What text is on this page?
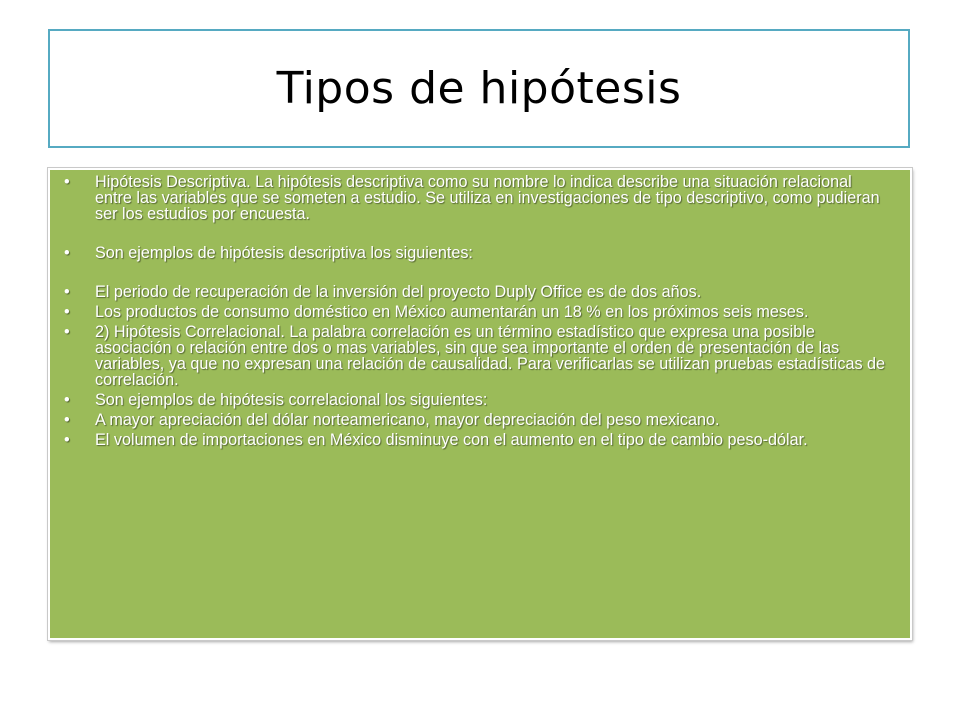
Tipos de hipótesis
• Hipótesis Descriptiva. La hipótesis descriptiva como su nombre lo indica describe una situación relacional entre las variables que se someten a estudio. Se utiliza en investigaciones de tipo descriptivo, como pudieran ser los estudios por encuesta.
• Son ejemplos de hipótesis descriptiva los siguientes:
• El periodo de recuperación de la inversión del proyecto Duply Office es de dos años.
• Los productos de consumo doméstico en México aumentarán un 18 % en los próximos seis meses.
• 2) Hipótesis Correlacional. La palabra correlación es un término estadístico que expresa una posible asociación o relación entre dos o mas variables, sin que sea importante el orden de presentación de las variables, ya que no expresan una relación de causalidad. Para verificarlas se utilizan pruebas estadísticas de correlación.
• Son ejemplos de hipótesis correlacional los siguientes:
• A mayor apreciación del dólar norteamericano, mayor depreciación del peso mexicano.
• El volumen de importaciones en México disminuye con el aumento en el tipo de cambio peso-dólar.
